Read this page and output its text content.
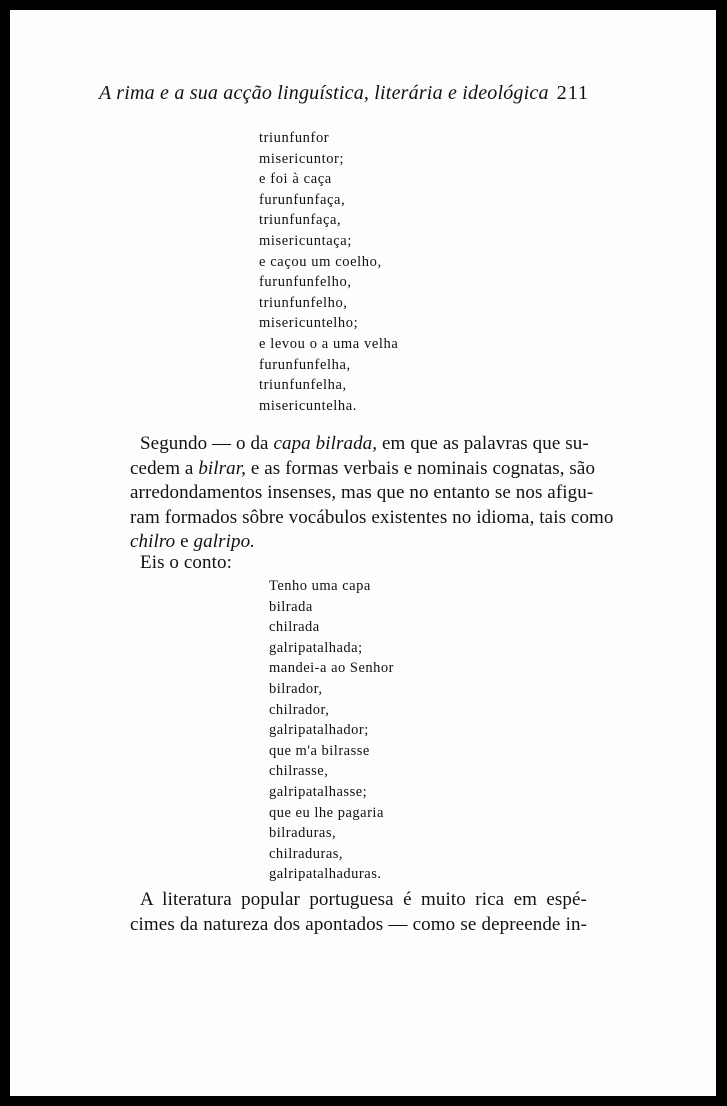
A rima e a sua acção linguística, literária e ideológica 211
triunfunfor
misericuntor;
e foi à caça
furunfunfaça,
triunfunfaça,
misericuntaça;
e caçou um coelho,
furunfunfelho,
triunfunfelho,
misericuntelho;
e levou o a uma velha
furunfunfelha,
triunfunfelha,
misericuntelha.
Segundo — o da capa bilrada, em que as palavras que su-
cedem a bilrar, e as formas verbais e nominais cognatas, são
arredondamentos insenses, mas que no entanto se nos afigu-
ram formados sôbre vocábulos existentes no idioma, tais como
chilro e galripo.
Eis o conto:
Tenho uma capa
bilrada
chilrada
galripatalhada;
mandei-a ao Senhor
bilrador,
chilrador,
galripatalhador;
que m'a bilrasse
chilrasse,
galripatalhasse;
que eu lhe pagaria
bilraduras,
chilraduras,
galripatalhaduras.
A literatura popular portuguesa é muito rica em espé-
cimes da natureza dos apontados — como se depreende in-
